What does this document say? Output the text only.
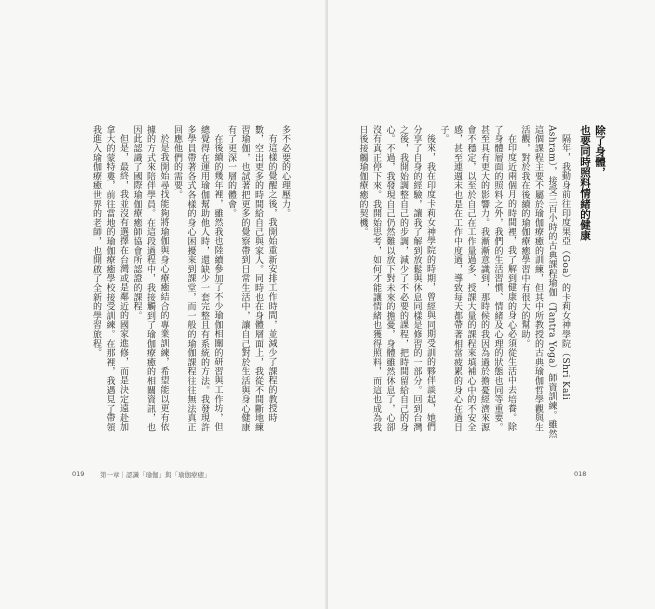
多不必要的心理壓力。

有這樣的覺醒之後，我開始重新安排工作時間，並減少了課程的教授時數，空出更多的時間給自己與家人。同時也在身體層面上，我從不間斷地練習瑜伽，也試著把更多的覺察帶到日常生活中，讓自己對於生活與身心健康有了更深一層的體會。

在後續的幾年裡，雖然我也陸續參加了不少瑜伽相關的研習與工作坊，但總覺得在運用瑜伽幫助他人時，還缺少一套完整且有系統的方法。我發現許多學員帶著各式各樣的身心困擾來到課堂，而一般的瑜伽課程往往無法真正回應他們的需要。

於是我開始尋找能夠將瑜伽與身心療癒結合的專業訓練，希望能以更有依據的方式來陪伴學員。在這段過程中，我接觸到了瑜伽療癒的相關資訊，也因此認識了國際瑜伽療癒師協會所認證的課程。

但是，最終，我並沒有選擇在台灣或是鄰近的國家進修，而是決定遠赴加拿大的蒙特婁，前往當地的瑜伽療癒學校接受訓練。在那裡，我遇見了帶領我進入瑜伽療癒世界的老師，也開啟了全新的學習旅程。

019 第一章｜認識「瑜伽」與「瑜伽療癒」
除了身體，
也要同時照料情緒的健康

隔年，我動身前往印度果亞（Goa）的卡莉女神學院（Shri Kali Ashram），接受三百小時的古典課程瑜伽（Tantra Yoga）師資訓練。雖然這個課程主要不屬於瑜伽療癒的訓練，但其中所教授的古典瑜伽哲學觀與生活觀，對於我在後續的瑜伽療癒學習中有很大的幫助。

在印度近兩個月的時間裡，我了解到健康的身心必須從生活中去培養。除了身體層面的照料之外，我們的生活習慣、情緒及心理的狀態也同等重要。甚至具有更大的影響力。我漸漸意識到，那時候的我因為過於擔憂經濟來源會不穩定，以至於自己在工作量過多、授課大量的課程來填補心中的不安全感，甚至連週末也是在工作中度過，導致每天都帶著相當疲累的身心在過日子。

後來，我在印度卡莉女神學院的時期，曾經與同期受訓的夥伴談起，她們分享了自身的經驗，讓我了解到放鬆與休息同樣是修習的一部分。回到台灣之後，我開始調整自己的步調，減少了不必要的課程，把時間留給自己的身心。不過，我發現自己仍然難以放下對未來的擔憂，身體雖然休息了，心卻沒有真正停下來。我開始思考，如何才能讓情緒也獲得照料，而這也成為我日後接觸瑜伽療癒的契機。

018
